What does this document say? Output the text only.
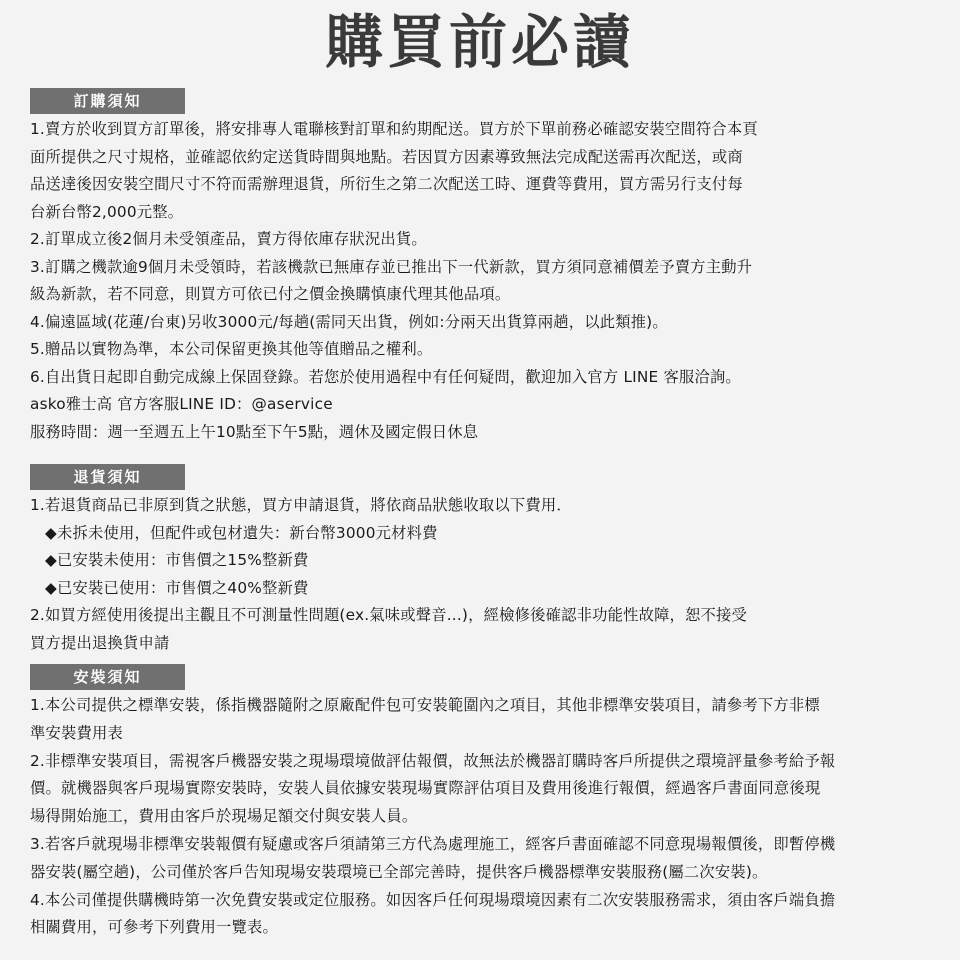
購買前必讀
訂購須知
1.賣方於收到買方訂單後，將安排專人電聯核對訂單和約期配送。買方於下單前務必確認安裝空間符合本頁
面所提供之尺寸規格，並確認依約定送貨時間與地點。若因買方因素導致無法完成配送需再次配送，或商
品送達後因安裝空間尺寸不符而需辦理退貨，所衍生之第二次配送工時、運費等費用，買方需另行支付每
台新台幣2,000元整。
2.訂單成立後2個月未受領產品，賣方得依庫存狀況出貨。
3.訂購之機款逾9個月未受領時，若該機款已無庫存並已推出下一代新款，買方須同意補價差予賣方主動升
級為新款，若不同意，則買方可依已付之價金換購慎康代理其他品項。
4.偏遠區域(花蓮/台東)另收3000元/每趟(需同天出貨，例如:分兩天出貨算兩趟，以此類推)。
5.贈品以實物為準，本公司保留更換其他等值贈品之權利。
6.自出貨日起即自動完成線上保固登錄。若您於使用過程中有任何疑問，歡迎加入官方 LINE 客服洽詢。
asko雅士高 官方客服LINE ID：@aservice
服務時間：週一至週五上午10點至下午5點，週休及國定假日休息
退貨須知
1.若退貨商品已非原到貨之狀態，買方申請退貨，將依商品狀態收取以下費用．
◆未拆未使用，但配件或包材遺失：新台幣3000元材料費
◆已安裝未使用：市售價之15%整新費
◆已安裝已使用：市售價之40%整新費
2.如買方經使用後提出主觀且不可測量性問題(ex.氣味或聲音...)，經檢修後確認非功能性故障，恕不接受
買方提出退換貨申請
安裝須知
1.本公司提供之標準安裝，係指機器隨附之原廠配件包可安裝範圍內之項目，其他非標準安裝項目，請參考下方非標
準安裝費用表
2.非標準安裝項目，需視客戶機器安裝之現場環境做評估報價，故無法於機器訂購時客戶所提供之環境評量參考給予報
價。就機器與客戶現場實際安裝時，安裝人員依據安裝現場實際評估項目及費用後進行報價，經過客戶書面同意後現
場得開始施工，費用由客戶於現場足額交付與安裝人員。
3.若客戶就現場非標準安裝報價有疑慮或客戶須請第三方代為處理施工，經客戶書面確認不同意現場報價後，即暫停機
器安裝(屬空趟)，公司僅於客戶告知現場安裝環境已全部完善時，提供客戶機器標準安裝服務(屬二次安裝)。
4.本公司僅提供購機時第一次免費安裝或定位服務。如因客戶任何現場環境因素有二次安裝服務需求，須由客戶端負擔
相關費用，可參考下列費用一覽表。
